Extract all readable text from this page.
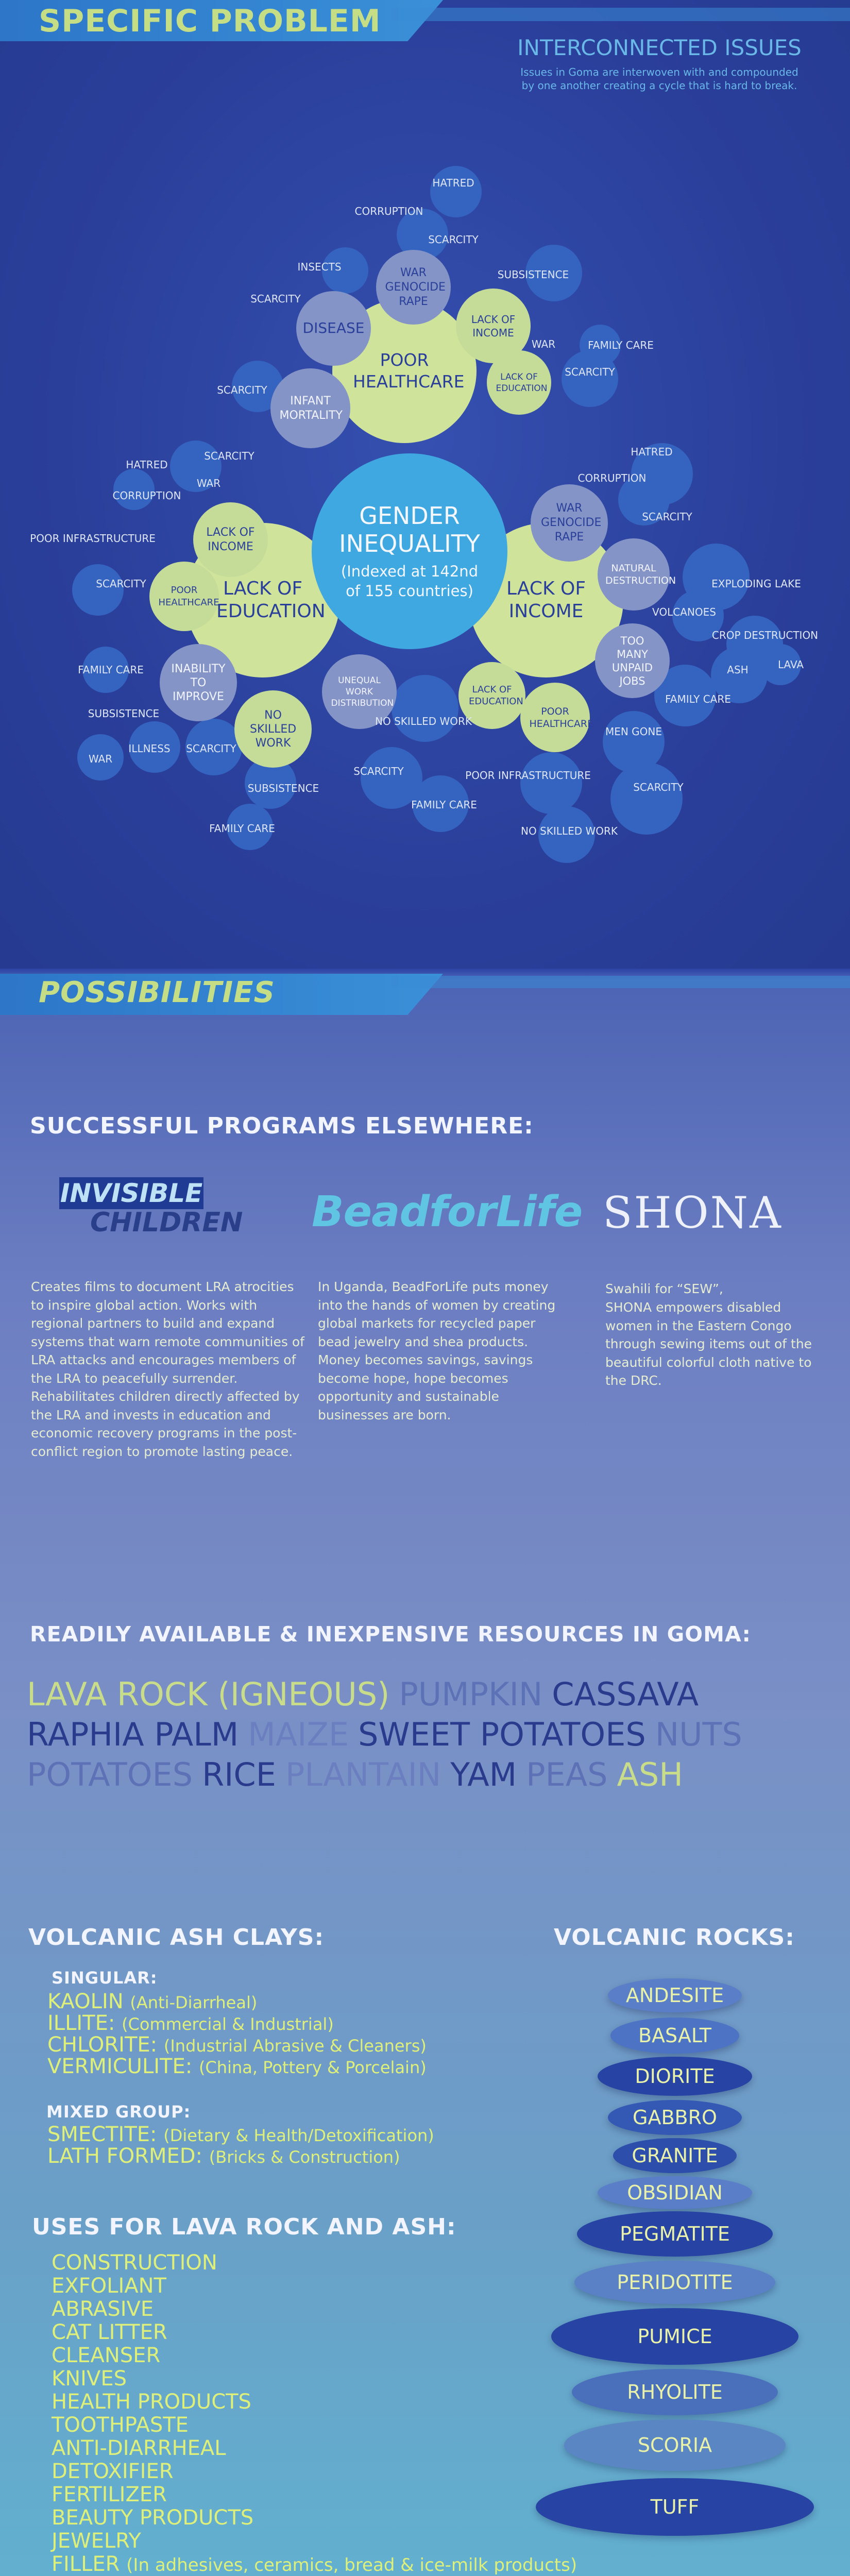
SPECIFIC PROBLEM
INTERCONNECTED ISSUES
Issues in Goma are interwoven with and compounded
by one another creating a cycle that is hard to break.
LACK OF EDUCATION
LACK OF INCOME
POOR HEALTHCARE
GENDER
INEQUALITY
(Indexed at 142nd
of 155 countries)
WAR GENOCIDE RAPE
DISEASE
INFANT MORTALITY
LACK OF INCOME
LACK OF EDUCATION
LACK OF INCOME
POOR HEALTHCARE
INABILITY TO IMPROVE
NO SKILLED WORK
UNEQUAL WORK DISTRIBUTION
WAR GENOCIDE RAPE
NATURAL DESTRUCTION
TOO MANY UNPAID JOBS
POOR HEALTHCARE
LACK OF EDUCATION
HATRED
CORRUPTION
SCARCITY
INSECTS
SUBSISTENCE
SCARCITY
WAR	FAMILY CARE
SCARCITY
SCARCITY
SCARCITY
HATRED
WAR
CORRUPTION
POOR INFRASTRUCTURE
SCARCITY
FAMILY CARE
SUBSISTENCE
ILLNESS SCARCITY
WAR
SUBSISTENCE
FAMILY CARE
HATRED
CORRUPTION
SCARCITY
EXPLODING LAKE
VOLCANOES
CROP DESTRUCTION
ASH	LAVA
FAMILY CARE
MEN GONE
NO SKILLED WORK
SCARCITY
FAMILY CARE
POOR INFRASTRUCTURE
SCARCITY
NO SKILLED WORK
POSSIBILITIES
SUCCESSFUL PROGRAMS ELSEWHERE:
INVISIBLE
CHILDREN
Creates films to document LRA atrocities to inspire global action. Works with regional partners to build and expand systems that warn remote communities of LRA attacks and encourages members of the LRA to peacefully surrender. Rehabilitates children directly affected by the LRA and invests in education and economic recovery programs in the post-conflict region to promote lasting peace.
BeadforLife
In Uganda, BeadForLife puts money into the hands of women by creating global markets for recycled paper bead jewelry and shea products. Money becomes savings, savings become hope, hope becomes opportunity and sustainable businesses are born.
SHONA
Swahili for “SEW”,
SHONA empowers disabled women in the Eastern Congo through sewing items out of the beautiful colorful cloth native to the DRC.
READILY AVAILABLE & INEXPENSIVE RESOURCES IN GOMA:
LAVA ROCK (IGNEOUS) PUMPKIN CASSAVARAPHIA PALM MAIZE SWEET POTATOES NUTSPOTATOES RICE PLANTAIN YAM PEAS ASH
VOLCANIC ASH CLAYS:
SINGULAR:
KAOLIN (Anti-Diarrheal)
ILLITE: (Commercial & Industrial)
CHLORITE: (Industrial Abrasive & Cleaners)
VERMICULITE: (China, Pottery & Porcelain)
MIXED GROUP:
SMECTITE: (Dietary & Health/Detoxification)
LATH FORMED: (Bricks & Construction)
USES FOR LAVA ROCK AND ASH:
CONSTRUCTION
EXFOLIANT
ABRASIVE
CAT LITTER
CLEANSER
KNIVES
HEALTH PRODUCTS
TOOTHPASTE
ANTI-DIARRHEAL
DETOXIFIER
FERTILIZER
BEAUTY PRODUCTS
JEWELRY
FILLER (In adhesives, ceramics, bread & ice-milk products)
VOLCANIC ROCKS:
ANDESITE
BASALT
DIORITE
GABBRO
GRANITE
OBSIDIAN
PEGMATITE
PERIDOTITE
PUMICE
RHYOLITE
SCORIA
TUFF
